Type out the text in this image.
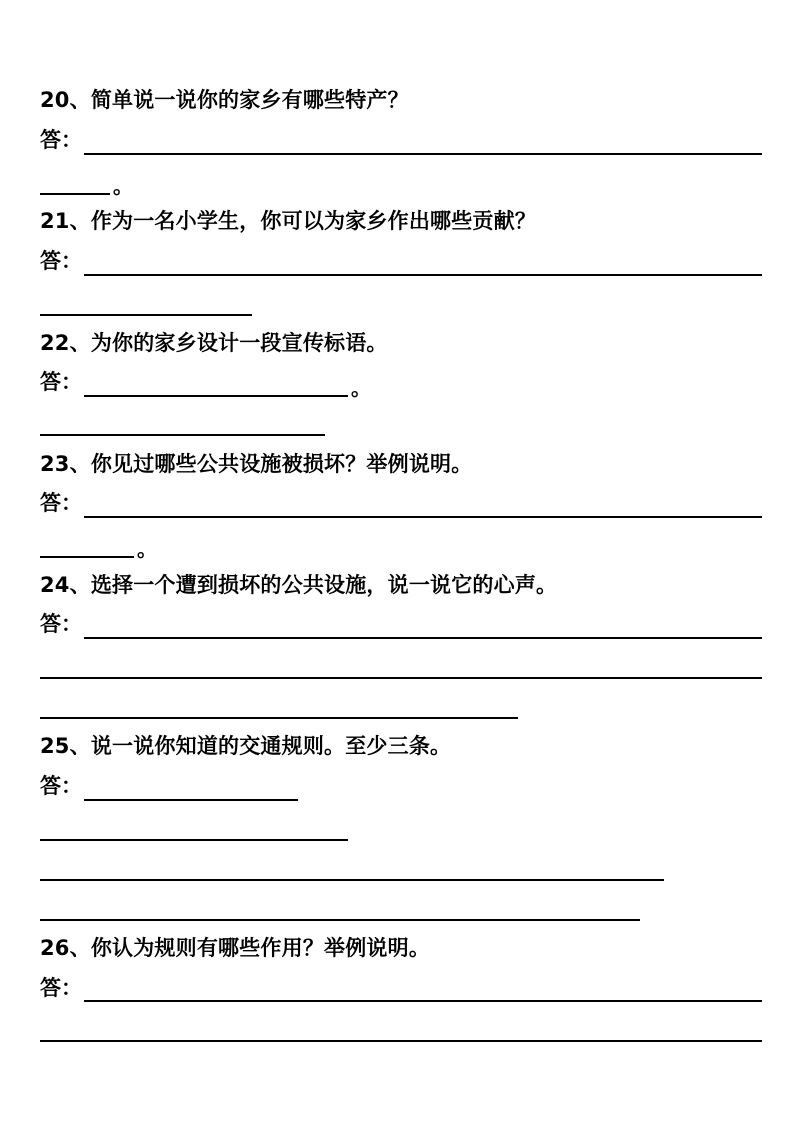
20、简单说一说你的家乡有哪些特产？
答：
。
21、作为一名小学生，你可以为家乡作出哪些贡献？
答：
22、为你的家乡设计一段宣传标语。
答：	。
23、你见过哪些公共设施被损坏？举例说明。
答：
。
24、选择一个遭到损坏的公共设施，说一说它的心声。
答：
25、说一说你知道的交通规则。至少三条。
答：
26、你认为规则有哪些作用？举例说明。
答：
